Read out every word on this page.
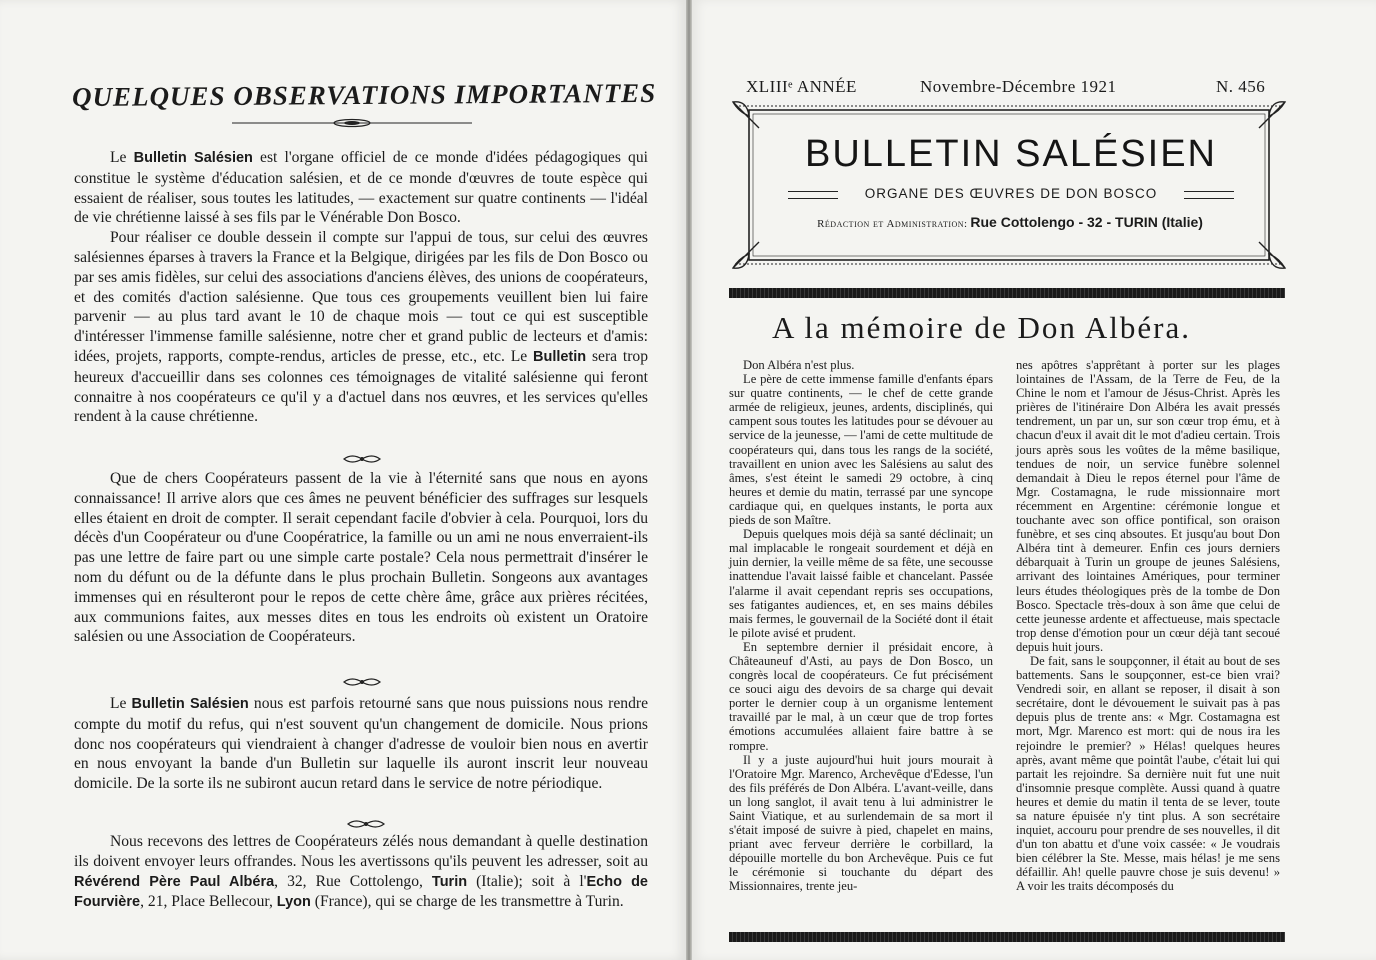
QUELQUES OBSERVATIONS IMPORTANTES

Le Bulletin Salésien est l'organe officiel de ce monde d'idées pédagogiques qui constitue le système d'éducation salésien, et de ce monde d'œuvres de toute espèce qui essaient de réaliser, sous toutes les latitudes, — exactement sur quatre continents — l'idéal de vie chrétienne laissé à ses fils par le Vénérable Don Bosco.

Pour réaliser ce double dessein il compte sur l'appui de tous, sur celui des œuvres salésiennes éparses à travers la France et la Belgique, dirigées par les fils de Don Bosco ou par ses amis fidèles, sur celui des associations d'anciens élèves, des unions de coopérateurs, et des comités d'action salésienne. Que tous ces groupements veuillent bien lui faire parvenir — au plus tard avant le 10 de chaque mois — tout ce qui est susceptible d'intéresser l'immense famille salésienne, notre cher et grand public de lecteurs et d'amis: idées, projets, rapports, compte-rendus, articles de presse, etc., etc. Le Bulletin sera trop heureux d'accueillir dans ses colonnes ces témoignages de vitalité salésienne qui feront connaitre à nos coopérateurs ce qu'il y a d'actuel dans nos œuvres, et les services qu'elles rendent à la cause chrétienne.

Que de chers Coopérateurs passent de la vie à l'éternité sans que nous en ayons connaissance! Il arrive alors que ces âmes ne peuvent bénéficier des suffrages sur lesquels elles étaient en droit de compter. Il serait cependant facile d'obvier à cela. Pourquoi, lors du décès d'un Coopérateur ou d'une Coopératrice, la famille ou un ami ne nous enverraient-ils pas une lettre de faire part ou une simple carte postale? Cela nous permettrait d'insérer le nom du défunt ou de la défunte dans le plus prochain Bulletin. Songeons aux avantages immenses qui en résulteront pour le repos de cette chère âme, grâce aux prières récitées, aux communions faites, aux messes dites en tous les endroits où existent un Oratoire salésien ou une Association de Coopérateurs.

Le Bulletin Salésien nous est parfois retourné sans que nous puissions nous rendre compte du motif du refus, qui n'est souvent qu'un changement de domicile. Nous prions donc nos coopérateurs qui viendraient à changer d'adresse de vouloir bien nous en avertir en nous envoyant la bande d'un Bulletin sur laquelle ils auront inscrit leur nouveau domicile. De la sorte ils ne subiront aucun retard dans le service de notre périodique.

Nous recevons des lettres de Coopérateurs zélés nous demandant à quelle destination ils doivent envoyer leurs offrandes. Nous les avertissons qu'ils peuvent les adresser, soit au Révérend Père Paul Albéra, 32, Rue Cottolengo, Turin (Italie); soit à l'Echo de Fourvière, 21, Place Bellecour, Lyon (France), qui se charge de les transmettre à Turin.

XLIIIᵉ ANNÉE	Novembre-Décembre 1921	N. 456
BULLETIN SALÉSIEN
ORGANE DES ŒUVRES DE DON BOSCO
Rédaction et Administration: Rue Cottolengo - 32 - TURIN (Italie)
A la mémoire de Don Albéra.

Don Albéra n'est plus.

Le père de cette immense famille d'enfants épars sur quatre continents, — le chef de cette grande armée de religieux, jeunes, ardents, disciplinés, qui campent sous toutes les latitudes pour se dévouer au service de la jeunesse, — l'ami de cette multitude de coopérateurs qui, dans tous les rangs de la société, travaillent en union avec les Salésiens au salut des âmes, s'est éteint le samedi 29 octobre, à cinq heures et demie du matin, terrassé par une syncope cardiaque qui, en quelques instants, le porta aux pieds de son Maître.

Depuis quelques mois déjà sa santé déclinait; un mal implacable le rongeait sourdement et déjà en juin dernier, la veille même de sa fête, une secousse inattendue l'avait laissé faible et chancelant. Passée l'alarme il avait cependant repris ses occupations, ses fatigantes audiences, et, en ses mains débiles mais fermes, le gouvernail de la Société dont il était le pilote avisé et prudent.

En septembre dernier il présidait encore, à Châteauneuf d'Asti, au pays de Don Bosco, un congrès local de coopérateurs. Ce fut précisément ce souci aigu des devoirs de sa charge qui devait porter le dernier coup à un organisme lentement travaillé par le mal, à un cœur que de trop fortes émotions accumulées allaient faire battre à se rompre.

Il y a juste aujourd'hui huit jours mourait à l'Oratoire Mgr. Marenco, Archevêque d'Edesse, l'un des fils préférés de Don Albéra. L'avant-veille, dans un long sanglot, il avait tenu à lui administrer le Saint Viatique, et au surlendemain de sa mort il s'était imposé de suivre à pied, chapelet en mains, priant avec ferveur derrière le corbillard, la dépouille mortelle du bon Archevêque. Puis ce fut le cérémonie si touchante du départ des Missionnaires, trente jeu-

nes apôtres s'apprêtant à porter sur les plages lointaines de l'Assam, de la Terre de Feu, de la Chine le nom et l'amour de Jésus-Christ. Après les prières de l'itinéraire Don Albéra les avait pressés tendrement, un par un, sur son cœur trop ému, et à chacun d'eux il avait dit le mot d'adieu certain. Trois jours après sous les voûtes de la même basilique, tendues de noir, un service funèbre solennel demandait à Dieu le repos éternel pour l'âme de Mgr. Costamagna, le rude missionnaire mort récemment en Argentine: cérémonie longue et touchante avec son office pontifical, son oraison funèbre, et ses cinq absoutes. Et jusqu'au bout Don Albéra tint à demeurer. Enfin ces jours derniers débarquait à Turin un groupe de jeunes Salésiens, arrivant des lointaines Amériques, pour terminer leurs études théologiques près de la tombe de Don Bosco. Spectacle très-doux à son âme que celui de cette jeunesse ardente et affectueuse, mais spectacle trop dense d'émotion pour un cœur déjà tant secoué depuis huit jours.

De fait, sans le soupçonner, il était au bout de ses battements. Sans le soupçonner, est-ce bien vrai? Vendredi soir, en allant se reposer, il disait à son secrétaire, dont le dévouement le suivait pas à pas depuis plus de trente ans: « Mgr. Costamagna est mort, Mgr. Marenco est mort: qui de nous ira les rejoindre le premier? » Hélas! quelques heures après, avant même que pointât l'aube, c'était lui qui partait les rejoindre. Sa dernière nuit fut une nuit d'insomnie presque complète. Aussi quand à quatre heures et demie du matin il tenta de se lever, toute sa nature épuisée n'y tint plus. A son secrétaire inquiet, accouru pour prendre de ses nouvelles, il dit d'un ton abattu et d'une voix cassée: « Je voudrais bien célébrer la Ste. Messe, mais hélas! je me sens défaillir. Ah! quelle pauvre chose je suis devenu! » A voir les traits décomposés du
